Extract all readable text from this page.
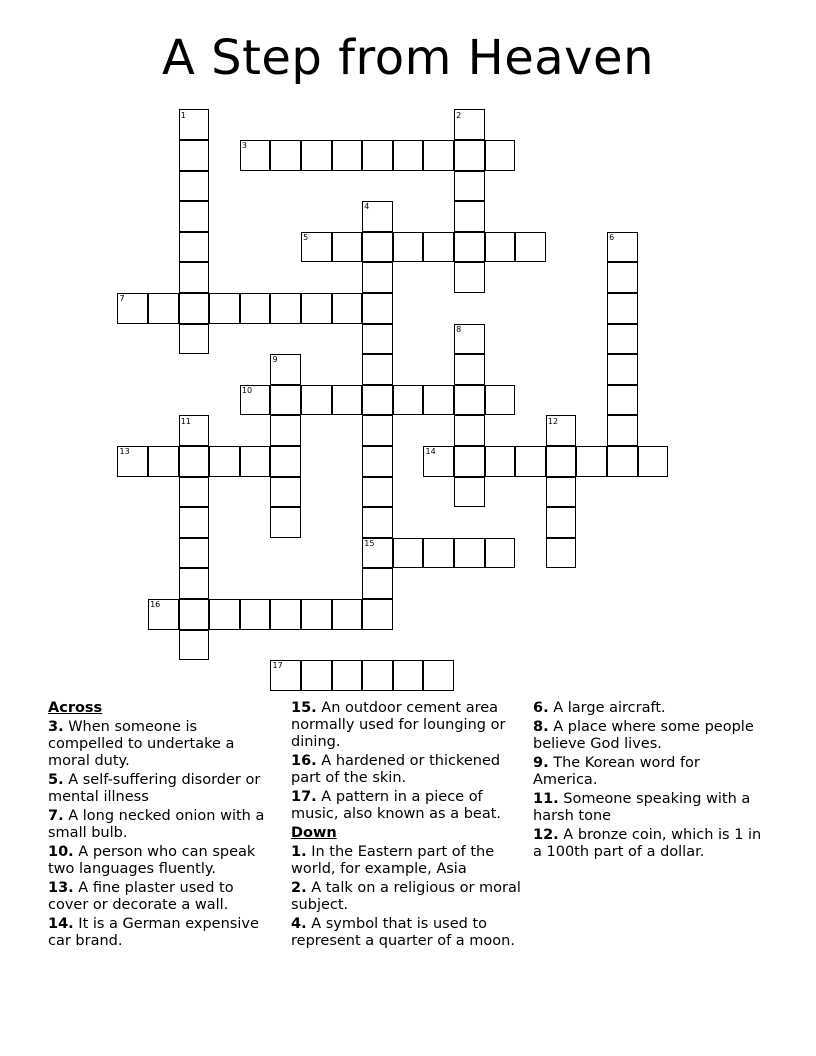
A Step from Heaven
1	2
3
4
5	6
7
8
9
10
11	12
13	14
15
16
17
Across
3. When someone is compelled to undertake a moral duty.
5. A self-suffering disorder or mental illness
7. A long necked onion with a small bulb.
10. A person who can speak two languages fluently.
13. A fine plaster used to cover or decorate a wall.
14. It is a German expensive car brand.
15. An outdoor cement area normally used for lounging or dining.
16. A hardened or thickened part of the skin.
17. A pattern in a piece of music, also known as a beat.
Down
1. In the Eastern part of the world, for example, Asia
2. A talk on a religious or moral subject.
4. A symbol that is used to represent a quarter of a moon.
6. A large aircraft.
8. A place where some people believe God lives.
9. The Korean word for America.
11. Someone speaking with a harsh tone
12. A bronze coin, which is 1 in a 100th part of a dollar.
